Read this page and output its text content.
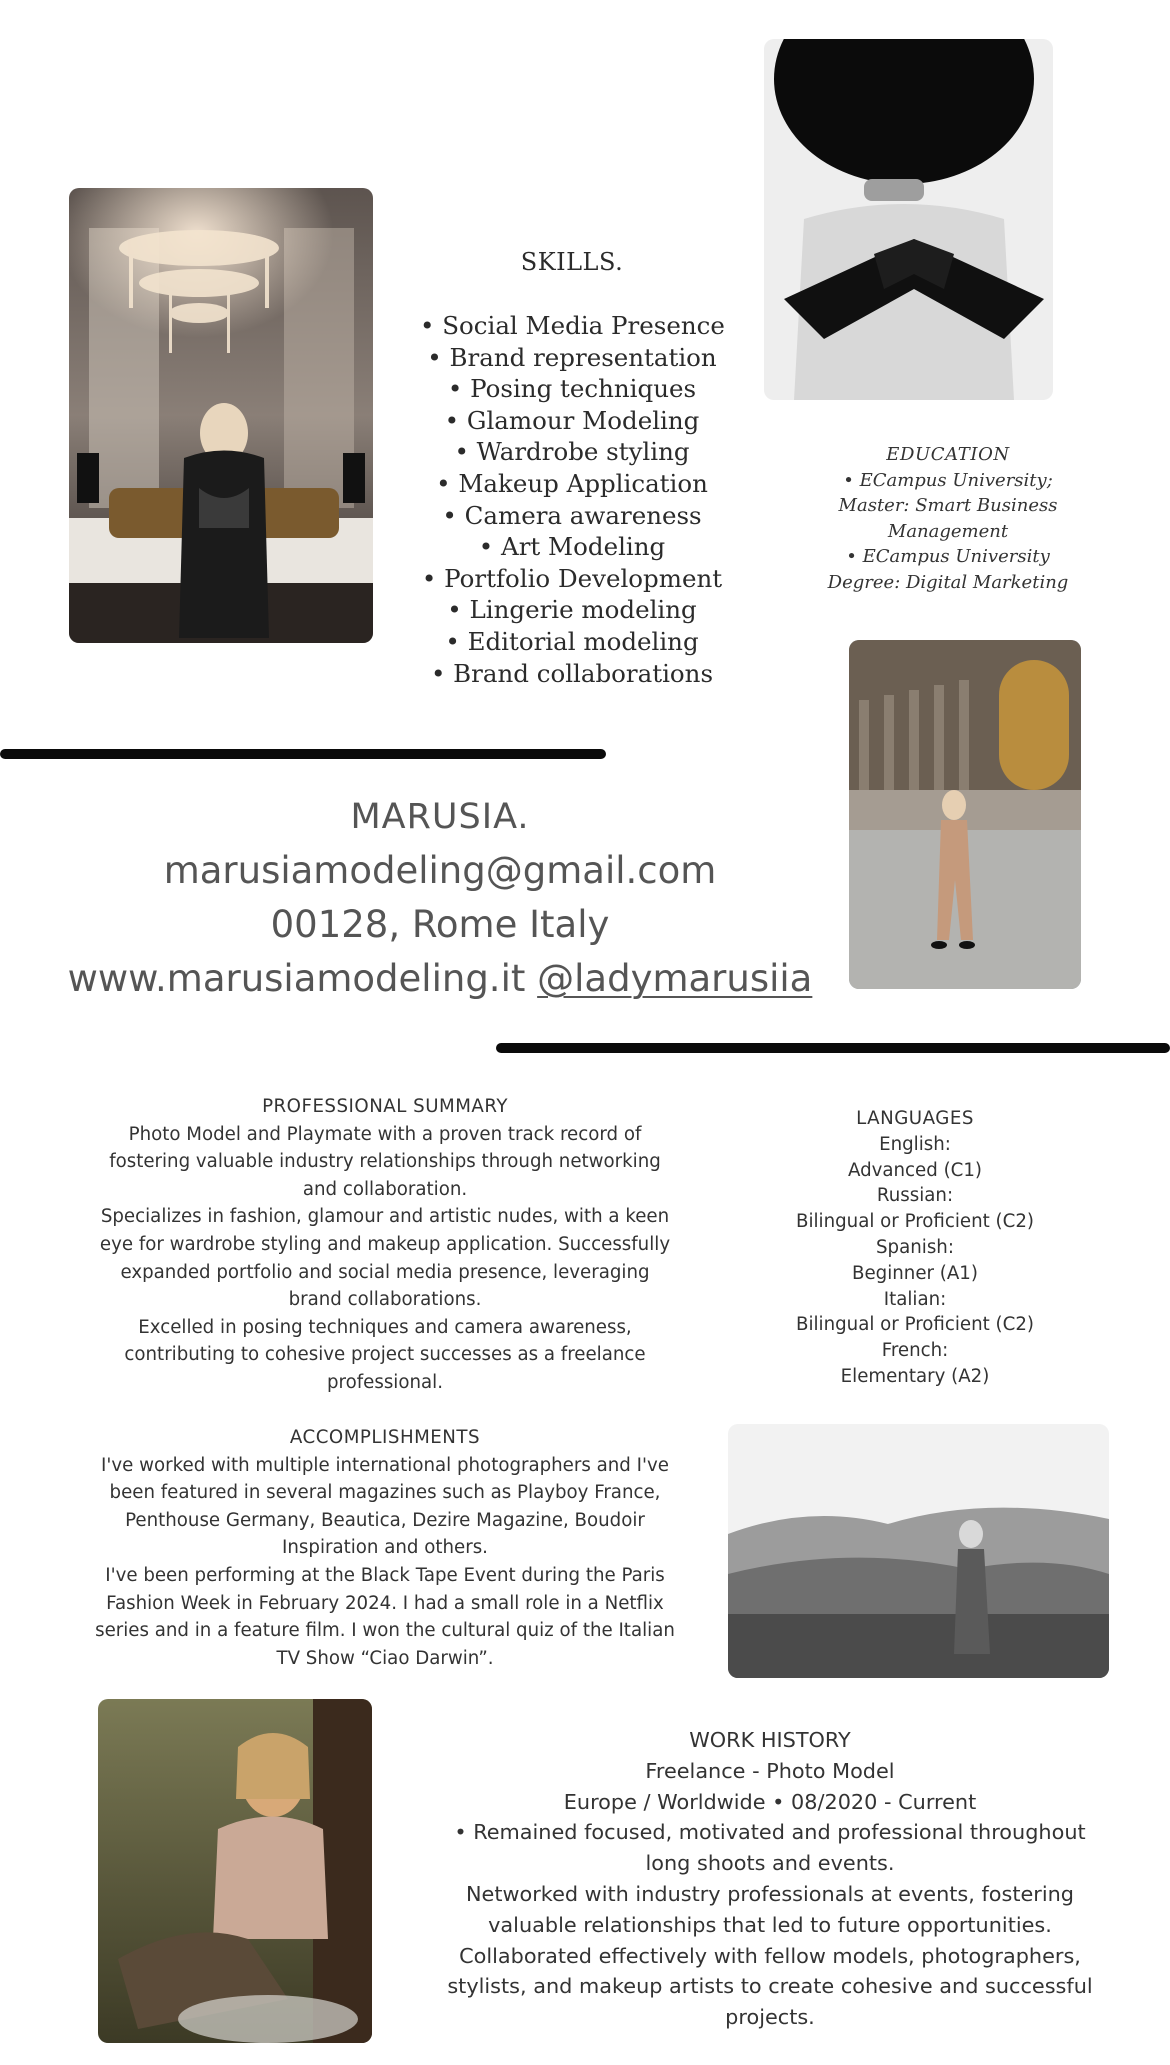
SKILLS.
• Social Media Presence
• Brand representation
• Posing techniques
• Glamour Modeling
• Wardrobe styling
• Makeup Application
• Camera awareness
• Art Modeling
• Portfolio Development
• Lingerie modeling
• Editorial modeling
• Brand collaborations
EDUCATION
• ECampus University;
Master: Smart Business Management
• ECampus University
Degree: Digital Marketing
MARUSIA.
marusiamodeling@gmail.com
00128, Rome Italy
www.marusiamodeling.it @ladymarusiia
PROFESSIONAL SUMMARY
Photo Model and Playmate with a proven track record of
fostering valuable industry relationships through networking
and collaboration.
Specializes in fashion, glamour and artistic nudes, with a keen
eye for wardrobe styling and makeup application. Successfully
expanded portfolio and social media presence, leveraging
brand collaborations.
Excelled in posing techniques and camera awareness,
contributing to cohesive project successes as a freelance
professional.
LANGUAGES
English:
Advanced (C1)
Russian:
Bilingual or Proficient (C2)
Spanish:
Beginner (A1)
Italian:
Bilingual or Proficient (C2)
French:
Elementary (A2)
ACCOMPLISHMENTS
I've worked with multiple international photographers and I've
been featured in several magazines such as Playboy France,
Penthouse Germany, Beautica, Dezire Magazine, Boudoir
Inspiration and others.
I've been performing at the Black Tape Event during the Paris
Fashion Week in February 2024. I had a small role in a Netflix
series and in a feature film. I won the cultural quiz of the Italian
TV Show “Ciao Darwin”.
WORK HISTORY
Freelance - Photo Model
Europe / Worldwide • 08/2020 - Current
• Remained focused, motivated and professional throughout
long shoots and events.
Networked with industry professionals at events, fostering
valuable relationships that led to future opportunities.
Collaborated effectively with fellow models, photographers,
stylists, and makeup artists to create cohesive and successful
projects.
